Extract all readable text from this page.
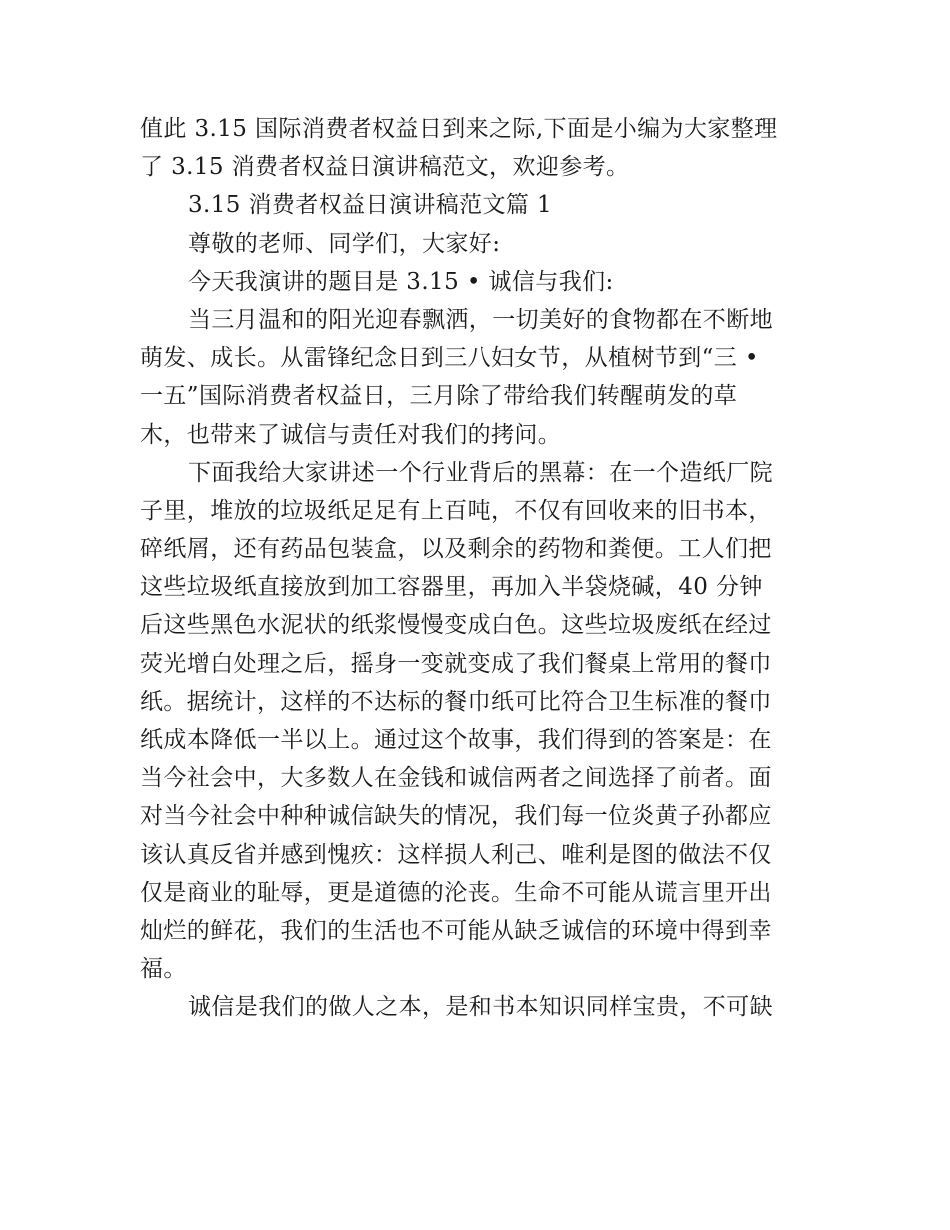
值此 3.15 国际消费者权益日到来之际,下面是小编为大家整理
了 3.15 消费者权益日演讲稿范文，欢迎参考。
3.15 消费者权益日演讲稿范文篇 1
尊敬的老师、同学们，大家好:
今天我演讲的题目是 3.15 • 诚信与我们:
当三月温和的阳光迎春飘洒，一切美好的食物都在不断地
萌发、成长。从雷锋纪念日到三八妇女节，从植树节到“三 •
一五”国际消费者权益日，三月除了带给我们转醒萌发的草
木，也带来了诚信与责任对我们的拷问。
下面我给大家讲述一个行业背后的黑幕：在一个造纸厂院
子里，堆放的垃圾纸足足有上百吨，不仅有回收来的旧书本，
碎纸屑，还有药品包装盒，以及剩余的药物和粪便。工人们把
这些垃圾纸直接放到加工容器里，再加入半袋烧碱，40 分钟
后这些黑色水泥状的纸浆慢慢变成白色。这些垃圾废纸在经过
荧光增白处理之后，摇身一变就变成了我们餐桌上常用的餐巾
纸。据统计，这样的不达标的餐巾纸可比符合卫生标准的餐巾
纸成本降低一半以上。通过这个故事，我们得到的答案是：在
当今社会中，大多数人在金钱和诚信两者之间选择了前者。面
对当今社会中种种诚信缺失的情况，我们每一位炎黄子孙都应
该认真反省并感到愧疚：这样损人利己、唯利是图的做法不仅
仅是商业的耻辱，更是道德的沦丧。生命不可能从谎言里开出
灿烂的鲜花，我们的生活也不可能从缺乏诚信的环境中得到幸
福。
诚信是我们的做人之本，是和书本知识同样宝贵，不可缺
